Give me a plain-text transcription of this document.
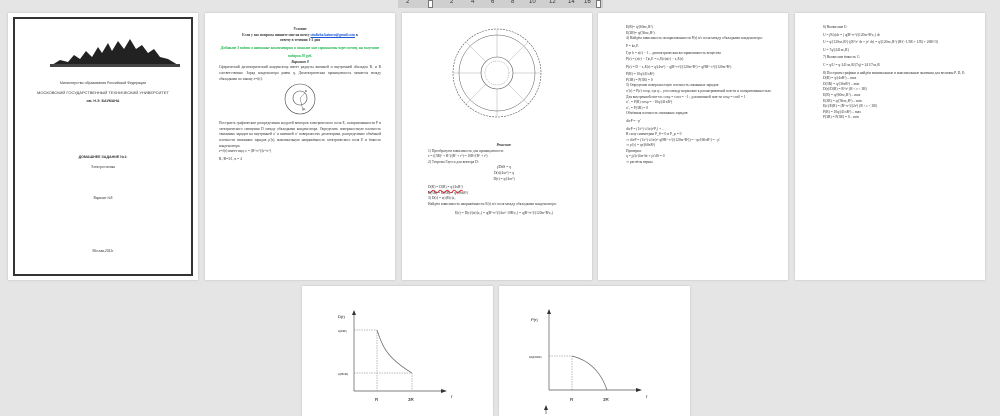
2	2	4	6	8 10 12 14 16
Министерство образования Российской Федерации
МОСКОВСКИЙ ГОСУДАРСТВЕННЫЙ ТЕХНИЧЕСКИЙ УНИВЕРСИТЕТ
им. Н.Э. БАУМАНА
ДОМАШНЕЕ ЗАДАНИЕ №1:
Электростатика
Вариант №8
Москва,2022г
Условие
Если у вас вопросы пишите мне на почту studizba.baimen@gmail.com в
отвечу в течении 1-2 дня
Добавьте 3 задачи в активные комментарии и скиньте мне скриншоты через почту, вы получите подарок 20 руб.
Вариант 8
Сферический диэлектрический конденсатор имеет радиусы внешней и внутренней обкладок R₁ и R соответственно. Заряд конденсатора равен q. Диэлектрическая проницаемость меняется между обкладками по закону ε=f(r).
R
R₁
Построить графические распределения модулей векторов электрического поля E, поляризованности P и электрического смещения D между обкладками конденсатора. Определить поверхностную плотность связанных зарядов на внутренней σ′ и внешней σ′ поверхностях диэлектрика, распределение объёмной плотности связанных зарядов ρ′(r), максимальную напряжённость электрического поля E и ёмкость конденсатора.
ε=f(r) имеет вид: ε = (R²+r²)/(r²+r²)
R₁/R=3/1, n = 4
Решение:
1) Преобразуем зависимость для проницаемости:
ε = ((3R)² + R²)/(R² + r²) = 10R²/(R² + r²)
2) Теорема Гаусса для вектора D:
∮DdS = q
D(r)(4πr²) = q
D(r) = q/(4πr²)
D(R) = D(R) = q/(4πR²)
D(3R) = D(3R) = q/(36πR²)
3) D(r) = ε(r)E(r)ε₀
Найдём зависимость напряжённости E(r) в/с поля между обкладками конденсатора:
E(r) = D(r)/(ε(r)ε₀) = q(R²+r²)/(4πr²·10R²ε₀) = q(R²+r²)/(120πr²R²ε₀)
E(R)= q/(60πε₀R²)
E(3R)= q/(36πε₀R²)
4) Найдём зависимость поляризованности P(r) в/с поля между обкладками конденсатора:
P = kε₀E
Где k = ε(r) − 1 – диэлектрическая восприимчивость вещества
P(r) = (ε(r) − 1)ε₀E = ε₀E(r)ε(r) − ε₀E(r)
P(r) = D − ε₀E(r) = q/(4πr²) − q(R²+r²)/(120πr²R²) = q(9R²−r²)/(120πr²R²)
P(R) = 10q/(41πR²)
P(3R) = P(3R) = 0
5) Определим поверхностную плотность связанных зарядов:
σ′(r) = P(r)·cosφ, где φ – угол между нормалью к расматриваемой пов-ти и поляризованностью.
Для внутренней пов-ти: cosφ = cosπ = −1 ; для внешней пов-ти cosφ = cos0 = 1
σ′₁ = P(R)·cosφ = −10q/(41πR²)
σ′₂ = P(3R) = 0
Объёмная плотность связанных зарядов:
divP = −ρ′
divP = (1/r²)·∂/∂r(r²Pᵣ) + …
В силу симметрии P_θ = 0 и P_φ = 0
⇒ divP = (1/r²)·∂/∂r(r²·q(9R²−r²)/(120πr²R²)) = −qr/(60πR²) = −ρ′
⇒ ρ′(r) = qr/(60πR²)
Проверка:
q = ∫ρ′(r)4πr²dr + ∫σ′dS = 0
⇒ расчёты верны
6) Вычислим U:
U = ∫E(r)dr = ∫ q(R²+r²)/(120πr²R²ε₀) dr
U = q/(120πε₀R²)·(∫R²/r² dr + ∫r² dr) = q/(120πε₀R²)·(R²(−1/3R + 1/R) + 26R³/3)
U = 7q/(241πε₀R)
7) Вычислим ёмкость C:
C = q/U = q·241πε₀R/(7q) = 241/7πε₀R
8) Построим графики и найдём минимальные и максимальные значения для величин P, D, E:
D(R) = q/(4πR²) – max
D(3R) = q/(36πR²) – min
D(r)/D(R) = R²/r² (R < r < 3R)
E(R) = q/(60πε₀R²) – max
E(3R) = q/(36πε₀R²) – min
E(r)/E(R) = (R²+r²)/(2r²) (R < r < 3R)
P(R) = 10q/(41πR²) – max
P(3R) = P(3R) = 0 – min
D(r)
q/(4πR²)
q/(36πR²)
R	3R
r
P(r)
10q/(31πR²)
R	3R
r
